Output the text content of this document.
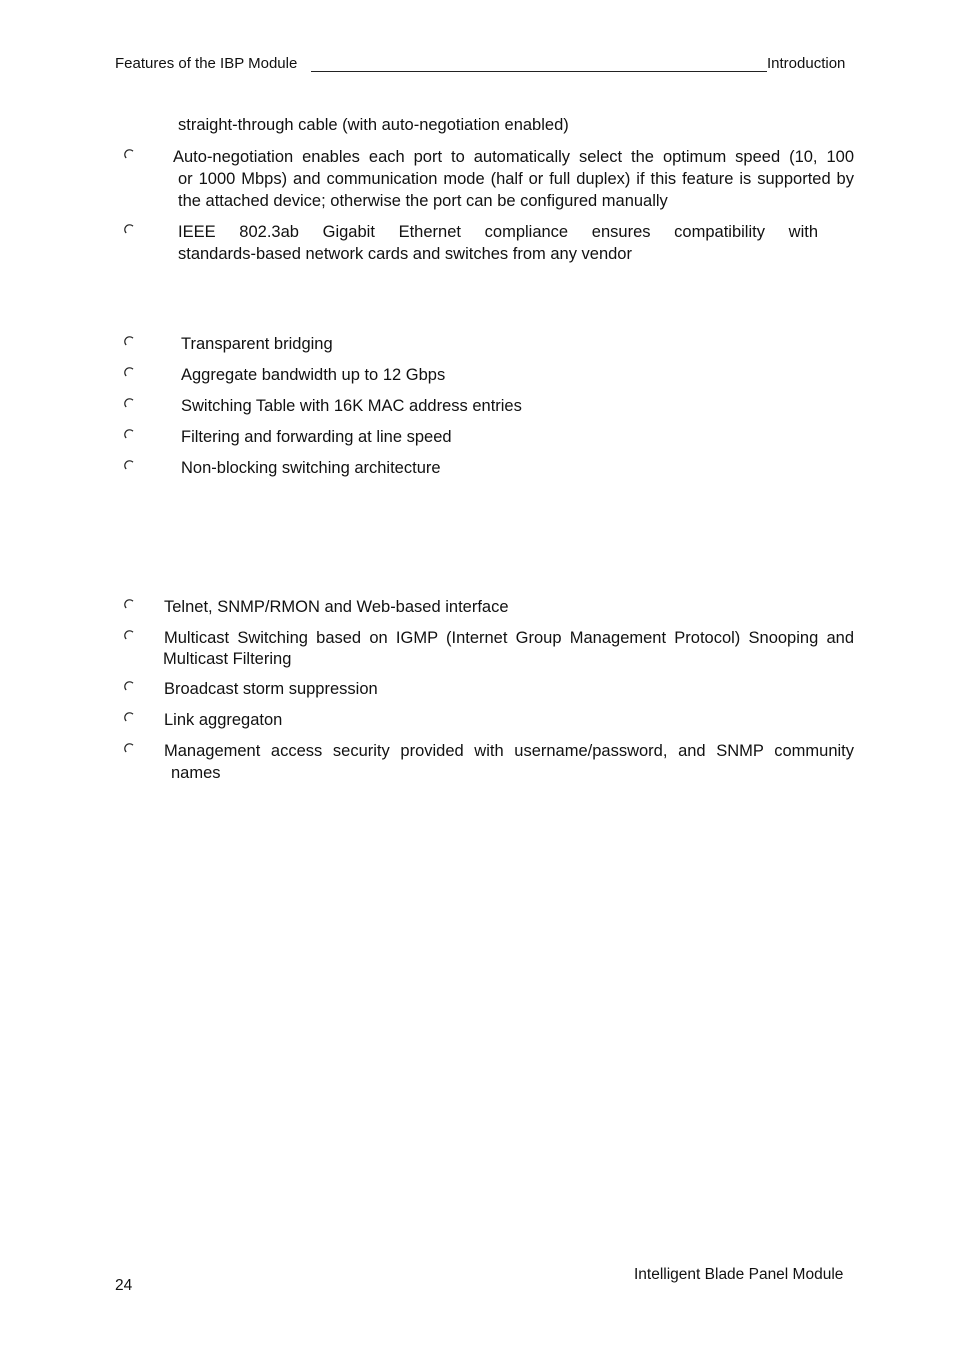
Features of the IBP Module	Introduction
straight-through cable (with auto-negotiation enabled)
Auto-negotiation enables each port to automatically select the optimum speed (10, 100
or 1000 Mbps) and communication mode (half or full duplex) if this feature is supported by the attached device; otherwise the port can be configured manually
IEEE 802.3ab Gigabit Ethernet compliance ensures compatibility with
standards-based network cards and switches from any vendor
Transparent bridging
Aggregate bandwidth up to 12 Gbps
Switching Table with 16K MAC address entries
Filtering and forwarding at line speed
Non-blocking switching architecture
Telnet, SNMP/RMON and Web-based interface
Multicast Switching based on IGMP (Internet Group Management Protocol) Snooping and
Multicast Filtering
Broadcast storm suppression
Link aggregaton
Management access security provided with username/password, and SNMP community
names
Intelligent Blade Panel Module
24
